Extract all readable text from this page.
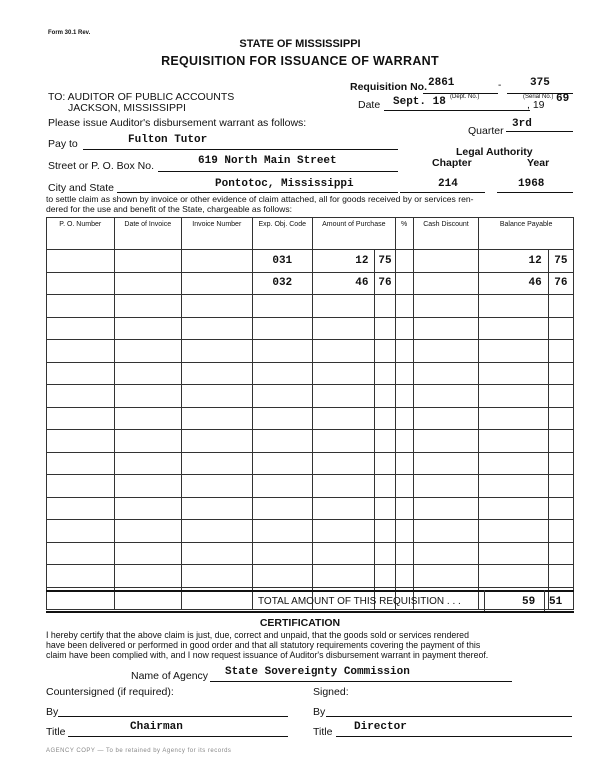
Form 30.1 Rev.
STATE OF MISSISSIPPI
REQUISITION FOR ISSUANCE OF WARRANT
Requisition No. 2861	-	375
(Dept. No.)	(Serial No.)
Date Sept. 18	, 19 69
TO: AUDITOR OF PUBLIC ACCOUNTS
JACKSON, MISSISSIPPI
Please issue Auditor's disbursement warrant as follows:
Quarter
3rd
Pay to	Fulton Tutor
Legal Authority
Chapter	Year
Street or P. O. Box No.	619 North Main Street
City and State	Pontotoc, Mississippi	214	1968
to settle claim as shown by invoice or other evidence of claim attached, all for goods received by or services ren-
dered for the use and benefit of the State, chargeable as follows:
P. O. Number	Date of Invoice	Invoice Number	Exp. Obj. Code	Amount of Purchase		%	Cash Discount	Balance Payable	
			031	12	75			12	75
			032	46	76			46	76

TOTAL AMOUNT OF THIS REQUISITION . . .	59 51
CERTIFICATION
I hereby certify that the above claim is just, due, correct and unpaid, that the goods sold or services rendered
have been delivered or performed in good order and that all statutory requirements covering the payment of this
claim have been complied with, and I now request issuance of Auditor's disbursement warrant in payment thereof.
Name of Agency State Sovereignty Commission
Countersigned (if required):	Signed:
By	By
Title	Chairman	Title Director
AGENCY COPY — To be retained by Agency for its records
